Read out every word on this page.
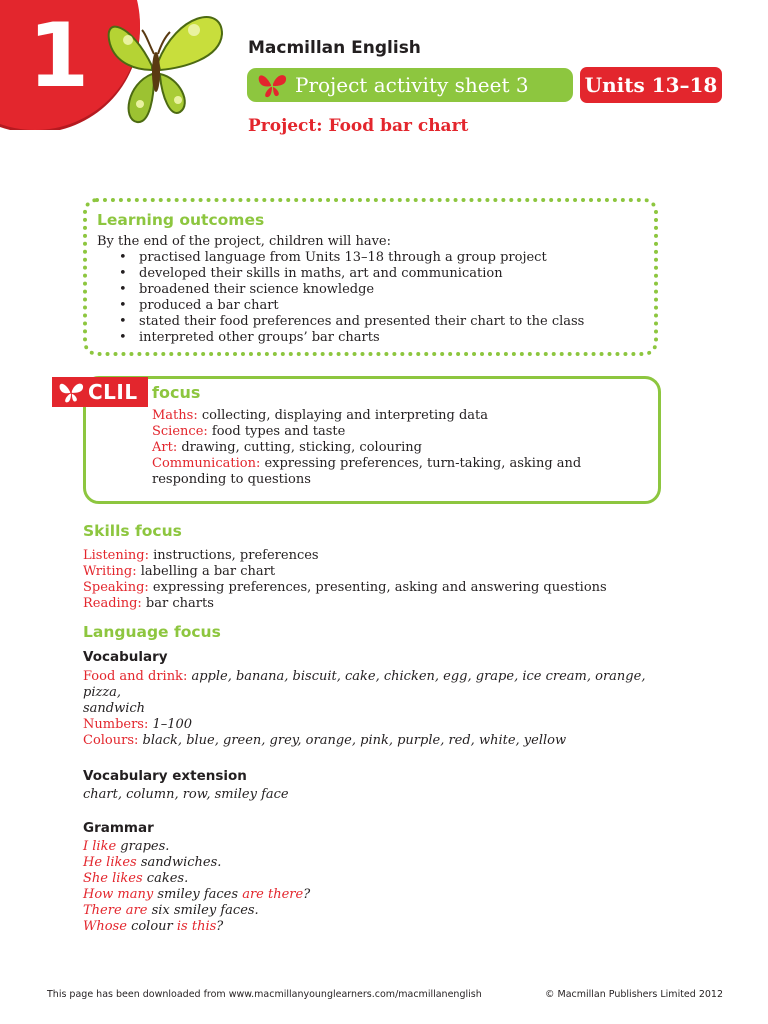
1	Macmillan English
Project activity sheet 3	Units 13–18
Project: Food bar chart
Learning outcomes
By the end of the project, children will have:
• practised language from Units 13–18 through a group project
• developed their skills in maths, art and communication
• broadened their science knowledge
• produced a bar chart
• stated their food preferences and presented their chart to the class
• interpreted other groups’ bar charts
CLIL focus
Maths: collecting, displaying and interpreting data
Science: food types and taste
Art: drawing, cutting, sticking, colouring
Communication: expressing preferences, turn-taking, asking and
responding to questions
Skills focus
Listening: instructions, preferences
Writing: labelling a bar chart
Speaking: expressing preferences, presenting, asking and answering questions
Reading: bar charts
Language focus
Vocabulary
Food and drink: apple, banana, biscuit, cake, chicken, egg, grape, ice cream, orange, pizza,
sandwich
Numbers: 1–100
Colours: black, blue, green, grey, orange, pink, purple, red, white, yellow
Vocabulary extension
chart, column, row, smiley face
Grammar
I like grapes.
He likes sandwiches.
She likes cakes.
How many smiley faces are there?
There are six smiley faces.
Whose colour is this?
This page has been downloaded from www.macmillanyounglearners.com/macmillanenglish	© Macmillan Publishers Limited 2012
